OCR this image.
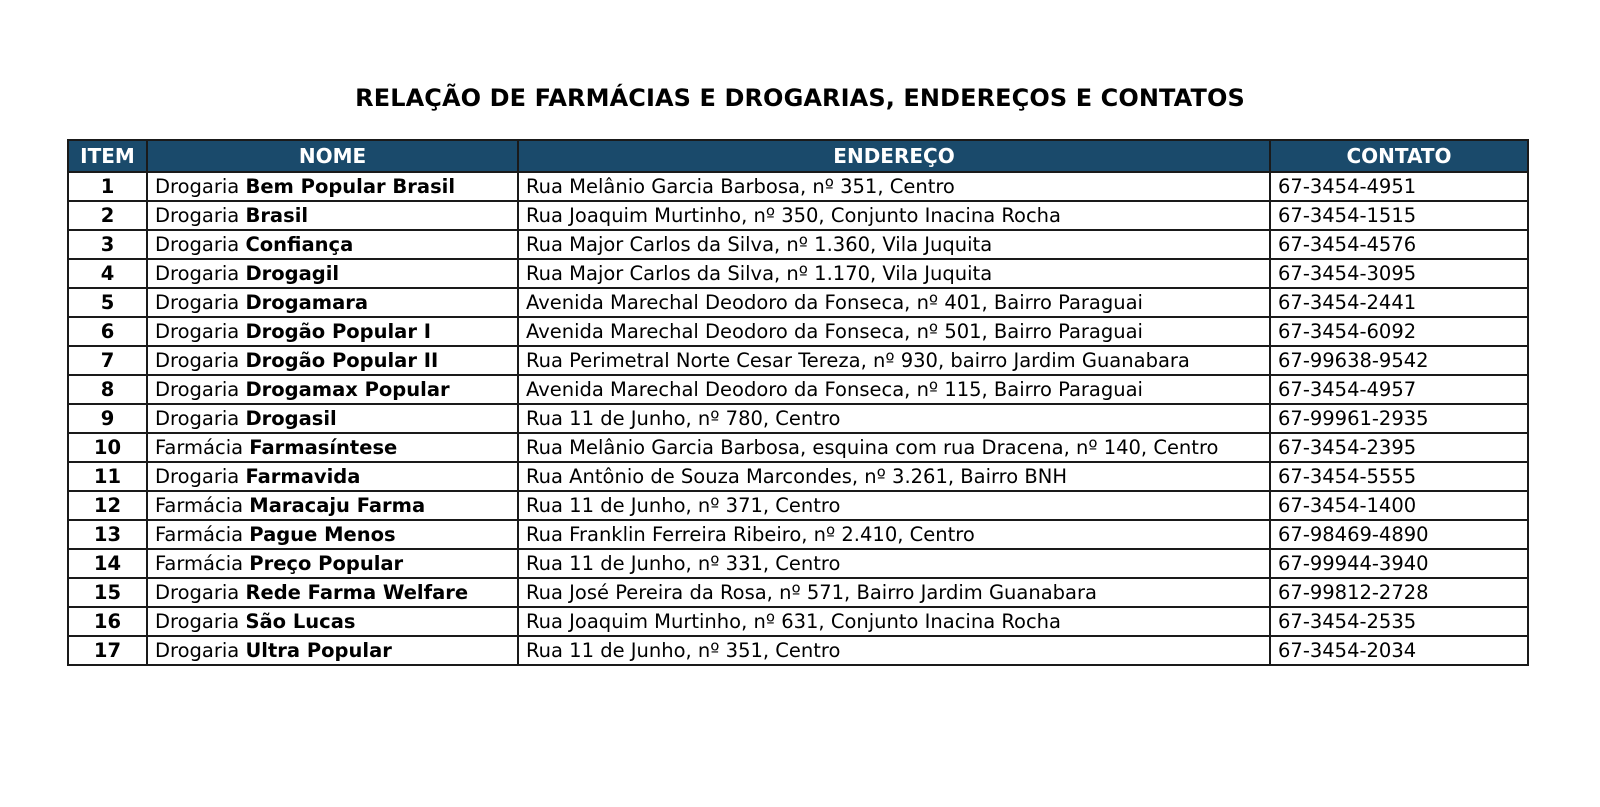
RELAÇÃO DE FARMÁCIAS E DROGARIAS, ENDEREÇOS E CONTATOS
ITEM	NOME	ENDEREÇO	CONTATO
1	Drogaria Bem Popular Brasil	Rua Melânio Garcia Barbosa, nº 351, Centro	67-3454-4951
2	Drogaria Brasil	Rua Joaquim Murtinho, nº 350, Conjunto Inacina Rocha	67-3454-1515
3	Drogaria Confiança	Rua Major Carlos da Silva, nº 1.360, Vila Juquita	67-3454-4576
4	Drogaria Drogagil	Rua Major Carlos da Silva, nº 1.170, Vila Juquita	67-3454-3095
5	Drogaria Drogamara	Avenida Marechal Deodoro da Fonseca, nº 401, Bairro Paraguai	67-3454-2441
6	Drogaria Drogão Popular I	Avenida Marechal Deodoro da Fonseca, nº 501, Bairro Paraguai	67-3454-6092
7	Drogaria Drogão Popular II	Rua Perimetral Norte Cesar Tereza, nº 930, bairro Jardim Guanabara	67-99638-9542
8	Drogaria Drogamax Popular	Avenida Marechal Deodoro da Fonseca, nº 115, Bairro Paraguai	67-3454-4957
9	Drogaria Drogasil	Rua 11 de Junho, nº 780, Centro	67-99961-2935
10	Farmácia Farmasíntese	Rua Melânio Garcia Barbosa, esquina com rua Dracena, nº 140, Centro	67-3454-2395
11	Drogaria Farmavida	Rua Antônio de Souza Marcondes, nº 3.261, Bairro BNH	67-3454-5555
12	Farmácia Maracaju Farma	Rua 11 de Junho, nº 371, Centro	67-3454-1400
13	Farmácia Pague Menos	Rua Franklin Ferreira Ribeiro, nº 2.410, Centro	67-98469-4890
14	Farmácia Preço Popular	Rua 11 de Junho, nº 331, Centro	67-99944-3940
15	Drogaria Rede Farma Welfare	Rua José Pereira da Rosa, nº 571, Bairro Jardim Guanabara	67-99812-2728
16	Drogaria São Lucas	Rua Joaquim Murtinho, nº 631, Conjunto Inacina Rocha	67-3454-2535
17	Drogaria Ultra Popular	Rua 11 de Junho, nº 351, Centro	67-3454-2034
